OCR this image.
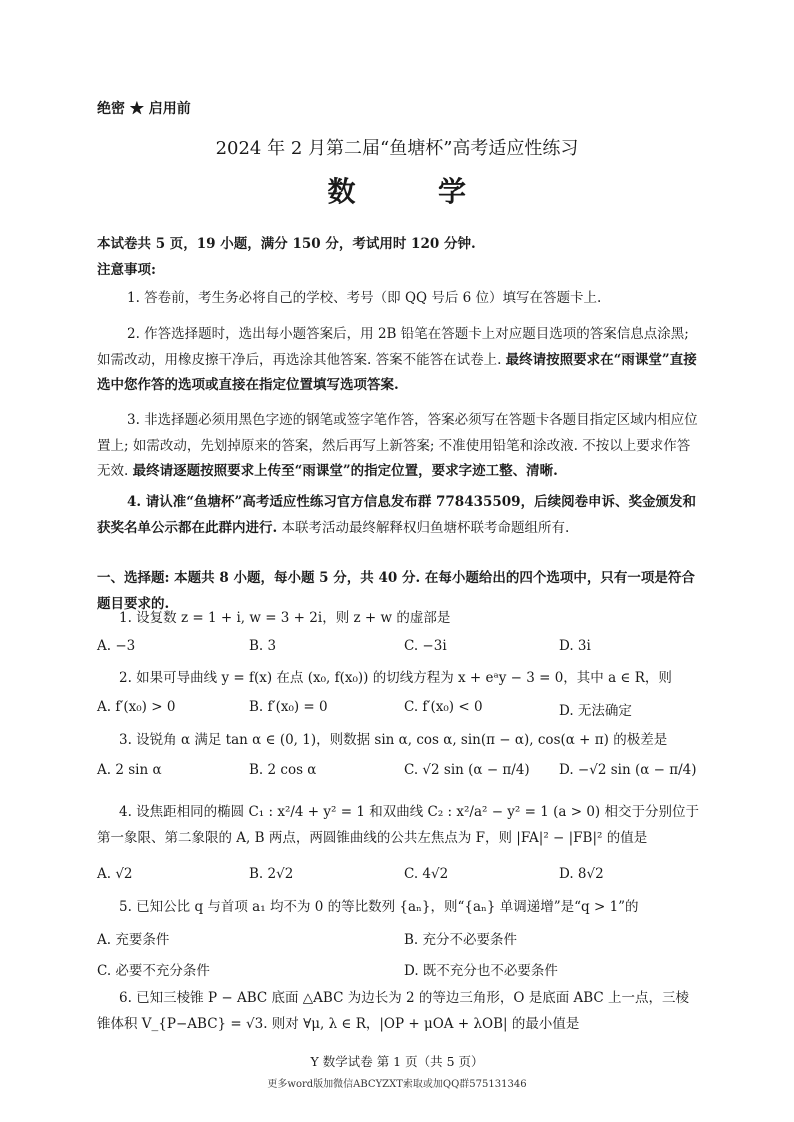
绝密 ★ 启用前
2024 年 2 月第二届“鱼塘杯”高考适应性练习
数	学
本试卷共 5 页，19 小题，满分 150 分，考试用时 120 分钟.
注意事项:
1. 答卷前，考生务必将自己的学校、考号（即 QQ 号后 6 位）填写在答题卡上.
2. 作答选择题时，选出每小题答案后，用 2B 铅笔在答题卡上对应题目选项的答案信息点涂黑; 如需改动，用橡皮擦干净后，再选涂其他答案. 答案不能答在试卷上. 最终请按照要求在“雨课堂”直接选中您作答的选项或直接在指定位置填写选项答案.
3. 非选择题必须用黑色字迹的钢笔或签字笔作答，答案必须写在答题卡各题目指定区域内相应位置上; 如需改动，先划掉原来的答案，然后再写上新答案; 不准使用铅笔和涂改液. 不按以上要求作答无效. 最终请逐题按照要求上传至“雨课堂”的指定位置，要求字迹工整、清晰.
4. 请认准“鱼塘杯”高考适应性练习官方信息发布群 778435509，后续阅卷申诉、奖金颁发和获奖名单公示都在此群内进行. 本联考活动最终解释权归鱼塘杯联考命题组所有.
一、选择题: 本题共 8 小题，每小题 5 分，共 40 分. 在每小题给出的四个选项中，只有一项是符合题目要求的.
1. 设复数 z = 1 + i, w = 3 + 2i，则 z + w 的虚部是
A. −3	B. 3	C. −3i	D. 3i
2. 如果可导曲线 y = f(x) 在点 (x₀, f(x₀)) 的切线方程为 x + eᵃy − 3 = 0，其中 a ∈ R，则
A. f′(x₀) > 0	B. f′(x₀) = 0	C. f′(x₀) < 0	D. 无法确定
3. 设锐角 α 满足 tan α ∈ (0, 1)，则数据 sin α, cos α, sin(π − α), cos(α + π) 的极差是
A. 2 sin α	B. 2 cos α	C. √2 sin (α − π/4) D. −√2 sin (α − π/4)
4. 设焦距相同的椭圆 C₁ : x²/4 + y² = 1 和双曲线 C₂ : x²/a² − y² = 1 (a > 0) 相交于分别位于第一象限、第二象限的 A, B 两点，两圆锥曲线的公共左焦点为 F，则 |FA|² − |FB|² 的值是
A. √2	B. 2√2	C. 4√2	D. 8√2
5. 已知公比 q 与首项 a₁ 均不为 0 的等比数列 {aₙ}，则“{aₙ} 单调递增”是“q > 1”的
A. 充要条件	B. 充分不必要条件
C. 必要不充分条件	D. 既不充分也不必要条件
6. 已知三棱锥 P − ABC 底面 △ABC 为边长为 2 的等边三角形，O 是底面 ABC 上一点，三棱锥体积 V_{P−ABC} = √3. 则对 ∀μ, λ ∈ R，|OP + μOA + λOB| 的最小值是
Y 数学试卷 第 1 页（共 5 页）
更多word版加微信ABCYZXT索取或加QQ群575131346
